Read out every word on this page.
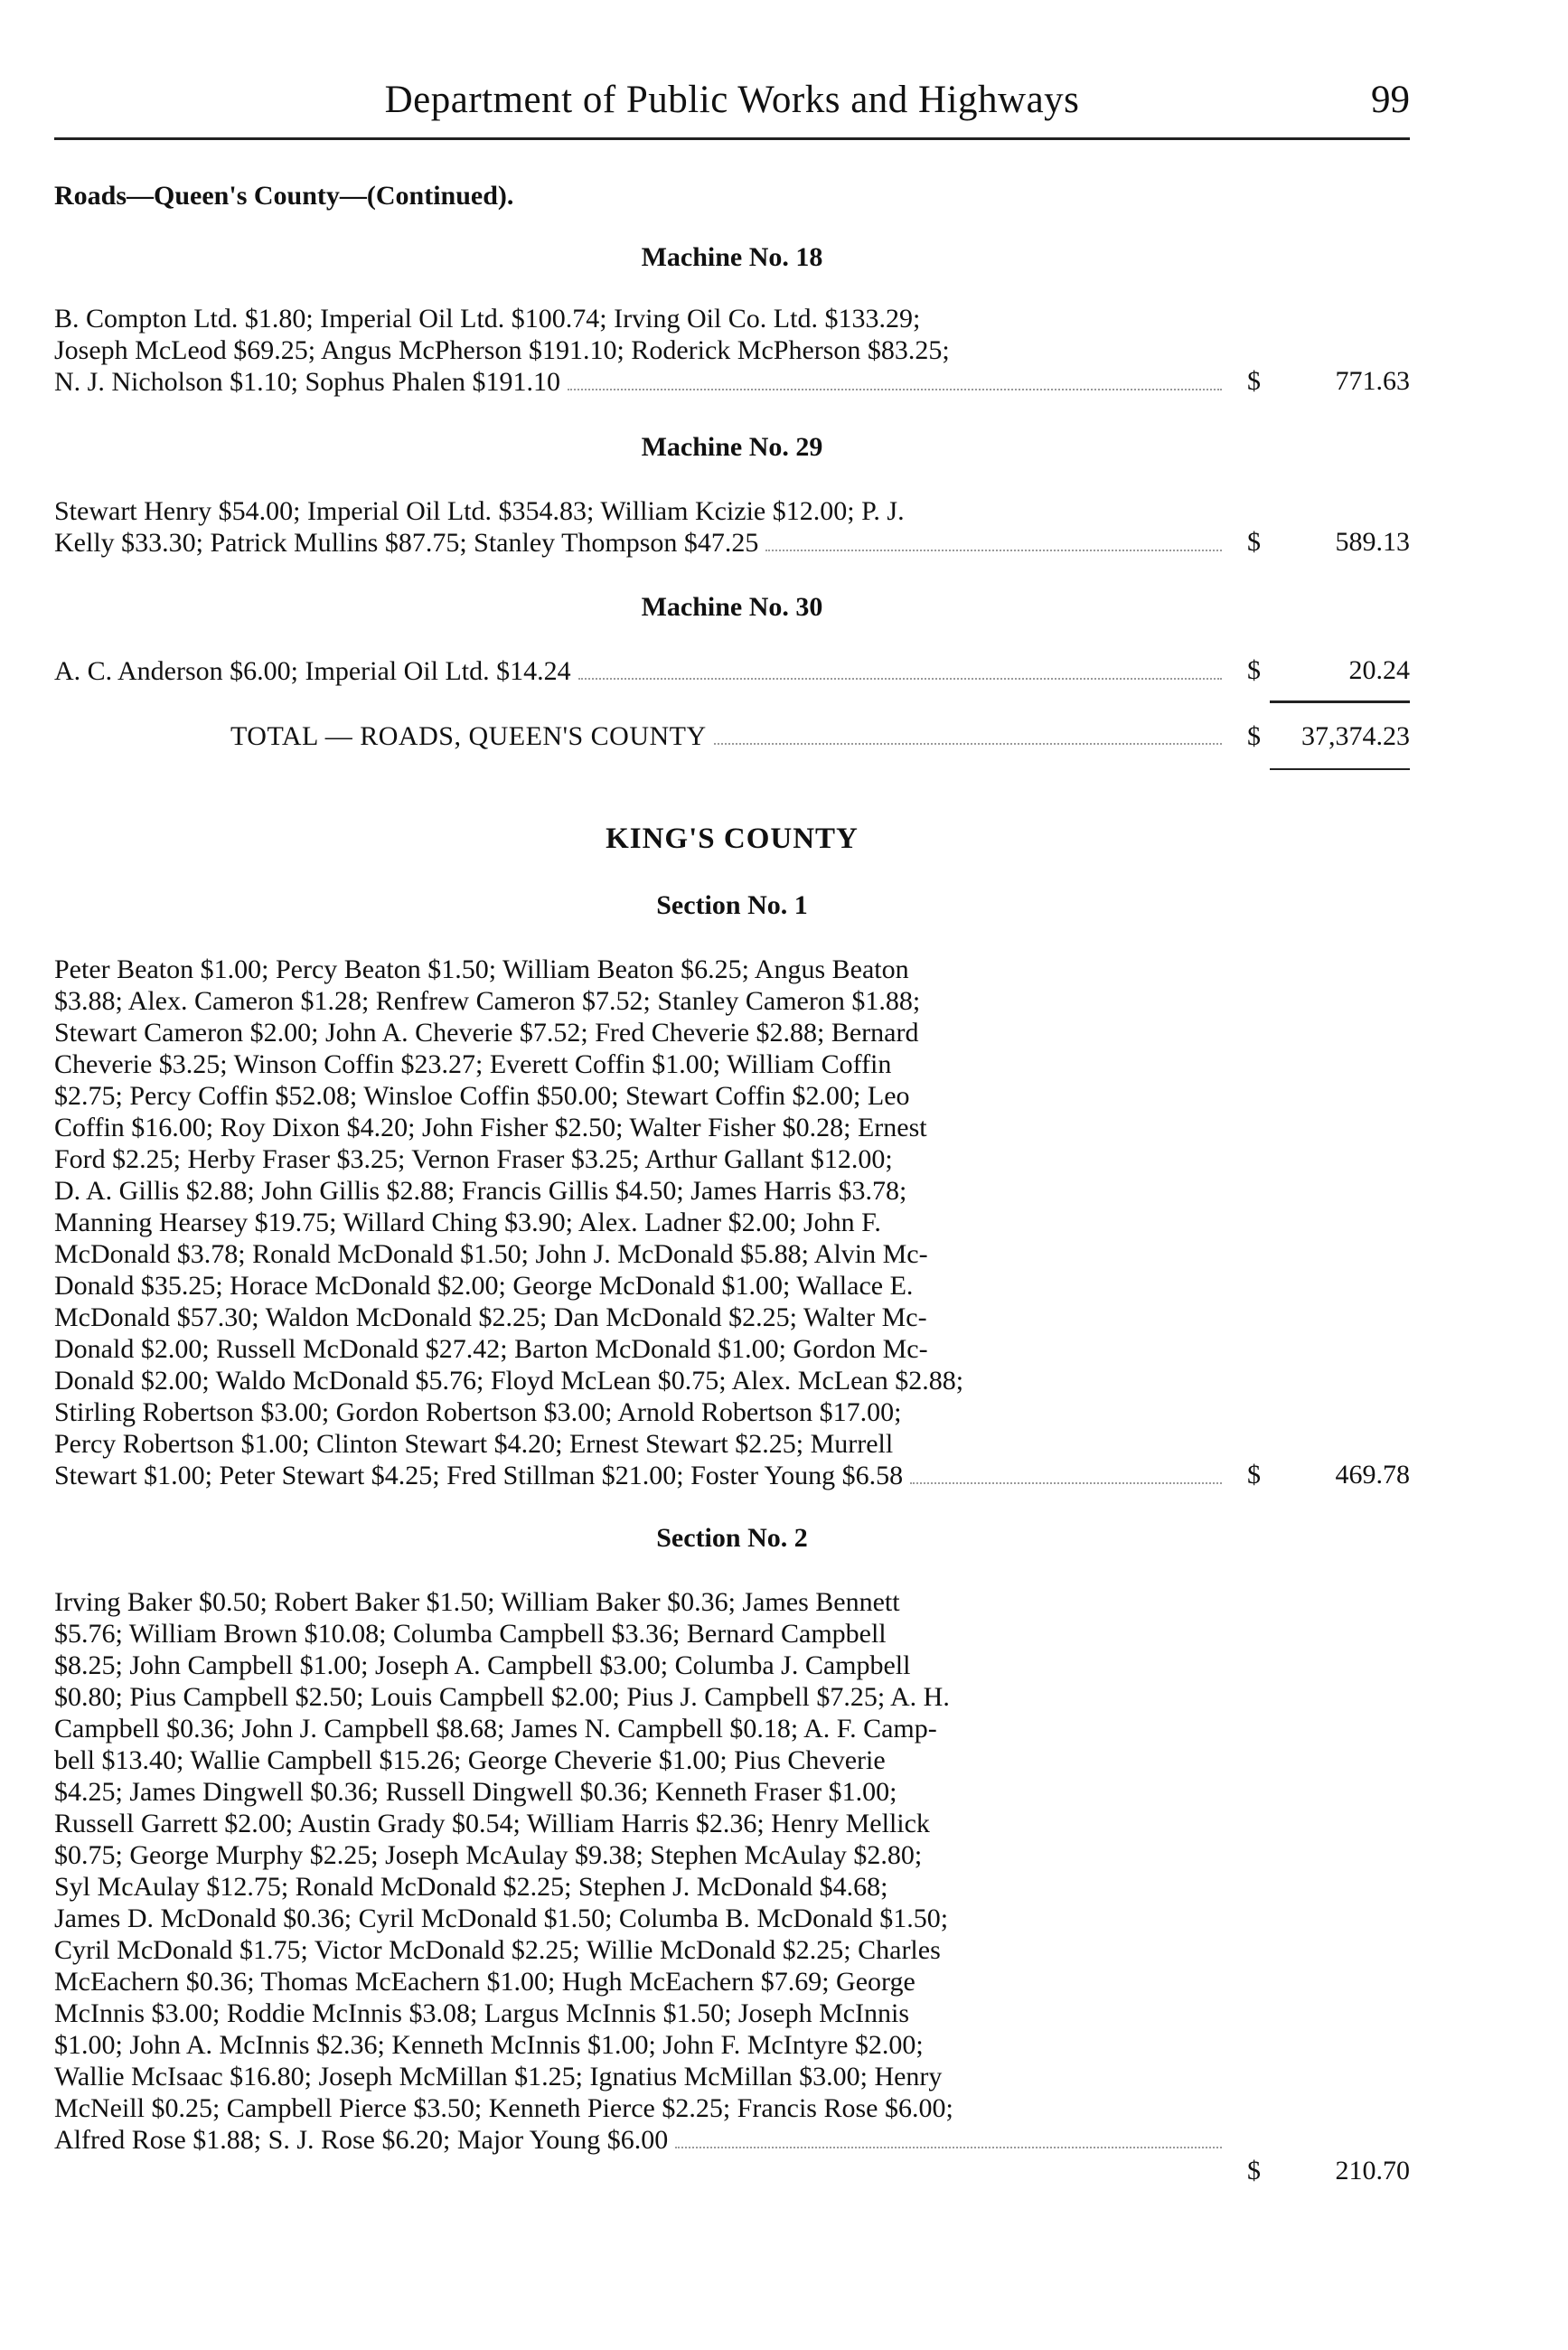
Department of Public Works and Highways	99
Roads—Queen's County—(Continued).
Machine No. 18
B. Compton Ltd. $1.80; Imperial Oil Ltd. $100.74; Irving Oil Co. Ltd. $133.29;
Joseph McLeod $69.25; Angus McPherson $191.10; Roderick McPherson $83.25;
N. J. Nicholson $1.10; Sophus Phalen $191.10	$	771.63
Machine No. 29
Stewart Henry $54.00; Imperial Oil Ltd. $354.83; William Kcizie $12.00; P. J.
Kelly $33.30; Patrick Mullins $87.75; Stanley Thompson $47.25	$	589.13
Machine No. 30
A. C. Anderson $6.00; Imperial Oil Ltd. $14.24	$	20.24
TOTAL — ROADS, QUEEN'S COUNTY	$ 37,374.23
KING'S COUNTY
Section No. 1
Peter Beaton $1.00; Percy Beaton $1.50; William Beaton $6.25; Angus Beaton
$3.88; Alex. Cameron $1.28; Renfrew Cameron $7.52; Stanley Cameron $1.88;
Stewart Cameron $2.00; John A. Cheverie $7.52; Fred Cheverie $2.88; Bernard
Cheverie $3.25; Winson Coffin $23.27; Everett Coffin $1.00; William Coffin
$2.75; Percy Coffin $52.08; Winsloe Coffin $50.00; Stewart Coffin $2.00; Leo
Coffin $16.00; Roy Dixon $4.20; John Fisher $2.50; Walter Fisher $0.28; Ernest
Ford $2.25; Herby Fraser $3.25; Vernon Fraser $3.25; Arthur Gallant $12.00;
D. A. Gillis $2.88; John Gillis $2.88; Francis Gillis $4.50; James Harris $3.78;
Manning Hearsey $19.75; Willard Ching $3.90; Alex. Ladner $2.00; John F.
McDonald $3.78; Ronald McDonald $1.50; John J. McDonald $5.88; Alvin Mc-
Donald $35.25; Horace McDonald $2.00; George McDonald $1.00; Wallace E.
McDonald $57.30; Waldon McDonald $2.25; Dan McDonald $2.25; Walter Mc-
Donald $2.00; Russell McDonald $27.42; Barton McDonald $1.00; Gordon Mc-
Donald $2.00; Waldo McDonald $5.76; Floyd McLean $0.75; Alex. McLean $2.88;
Stirling Robertson $3.00; Gordon Robertson $3.00; Arnold Robertson $17.00;
Percy Robertson $1.00; Clinton Stewart $4.20; Ernest Stewart $2.25; Murrell
Stewart $1.00; Peter Stewart $4.25; Fred Stillman $21.00; Foster Young $6.58	$	469.78
Section No. 2
Irving Baker $0.50; Robert Baker $1.50; William Baker $0.36; James Bennett
$5.76; William Brown $10.08; Columba Campbell $3.36; Bernard Campbell
$8.25; John Campbell $1.00; Joseph A. Campbell $3.00; Columba J. Campbell
$0.80; Pius Campbell $2.50; Louis Campbell $2.00; Pius J. Campbell $7.25; A. H.
Campbell $0.36; John J. Campbell $8.68; James N. Campbell $0.18; A. F. Camp-
bell $13.40; Wallie Campbell $15.26; George Cheverie $1.00; Pius Cheverie
$4.25; James Dingwell $0.36; Russell Dingwell $0.36; Kenneth Fraser $1.00;
Russell Garrett $2.00; Austin Grady $0.54; William Harris $2.36; Henry Mellick
$0.75; George Murphy $2.25; Joseph McAulay $9.38; Stephen McAulay $2.80;
Syl McAulay $12.75; Ronald McDonald $2.25; Stephen J. McDonald $4.68;
James D. McDonald $0.36; Cyril McDonald $1.50; Columba B. McDonald $1.50;
Cyril McDonald $1.75; Victor McDonald $2.25; Willie McDonald $2.25; Charles
McEachern $0.36; Thomas McEachern $1.00; Hugh McEachern $7.69; George
McInnis $3.00; Roddie McInnis $3.08; Largus McInnis $1.50; Joseph McInnis
$1.00; John A. McInnis $2.36; Kenneth McInnis $1.00; John F. McIntyre $2.00;
Wallie McIsaac $16.80; Joseph McMillan $1.25; Ignatius McMillan $3.00; Henry
McNeill $0.25; Campbell Pierce $3.50; Kenneth Pierce $2.25; Francis Rose $6.00;
Alfred Rose $1.88; S. J. Rose $6.20; Major Young $6.00
$	210.70
